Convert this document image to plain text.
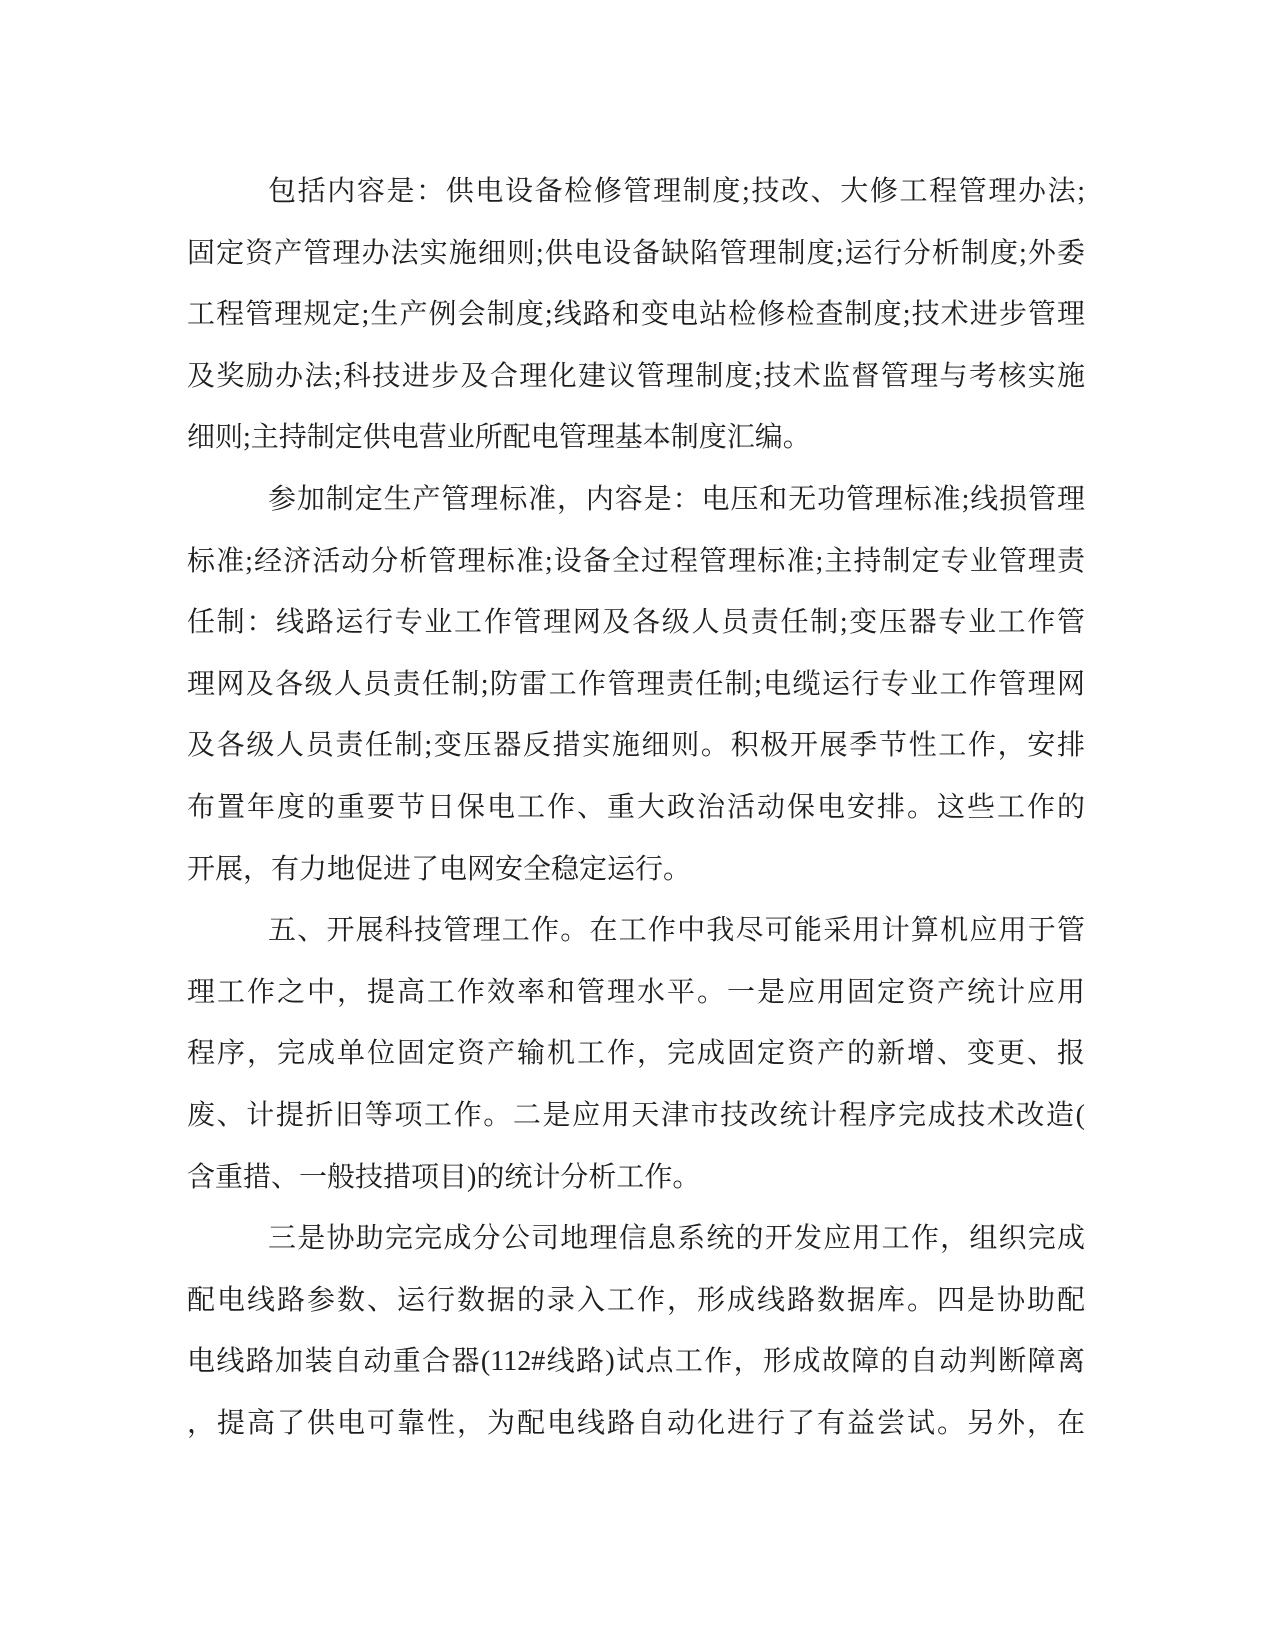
包括内容是：供电设备检修管理制度;技改、大修工程管理办法;
固定资产管理办法实施细则;供电设备缺陷管理制度;运行分析制度;外委
工程管理规定;生产例会制度;线路和变电站检修检查制度;技术进步管理
及奖励办法;科技进步及合理化建议管理制度;技术监督管理与考核实施
细则;主持制定供电营业所配电管理基本制度汇编。
参加制定生产管理标准，内容是：电压和无功管理标准;线损管理
标准;经济活动分析管理标准;设备全过程管理标准;主持制定专业管理责
任制：线路运行专业工作管理网及各级人员责任制;变压器专业工作管
理网及各级人员责任制;防雷工作管理责任制;电缆运行专业工作管理网
及各级人员责任制;变压器反措实施细则。积极开展季节性工作，安排
布置年度的重要节日保电工作、重大政治活动保电安排。这些工作的
开展，有力地促进了电网安全稳定运行。
五、开展科技管理工作。在工作中我尽可能采用计算机应用于管
理工作之中，提高工作效率和管理水平。一是应用固定资产统计应用
程序，完成单位固定资产输机工作，完成固定资产的新增、变更、报
废、计提折旧等项工作。二是应用天津市技改统计程序完成技术改造(
含重措、一般技措项目)的统计分析工作。
三是协助完完成分公司地理信息系统的开发应用工作，组织完成
配电线路参数、运行数据的录入工作，形成线路数据库。四是协助配
电线路加装自动重合器(112#线路)试点工作，形成故障的自动判断障离
，提高了供电可靠性，为配电线路自动化进行了有益尝试。另外，在
